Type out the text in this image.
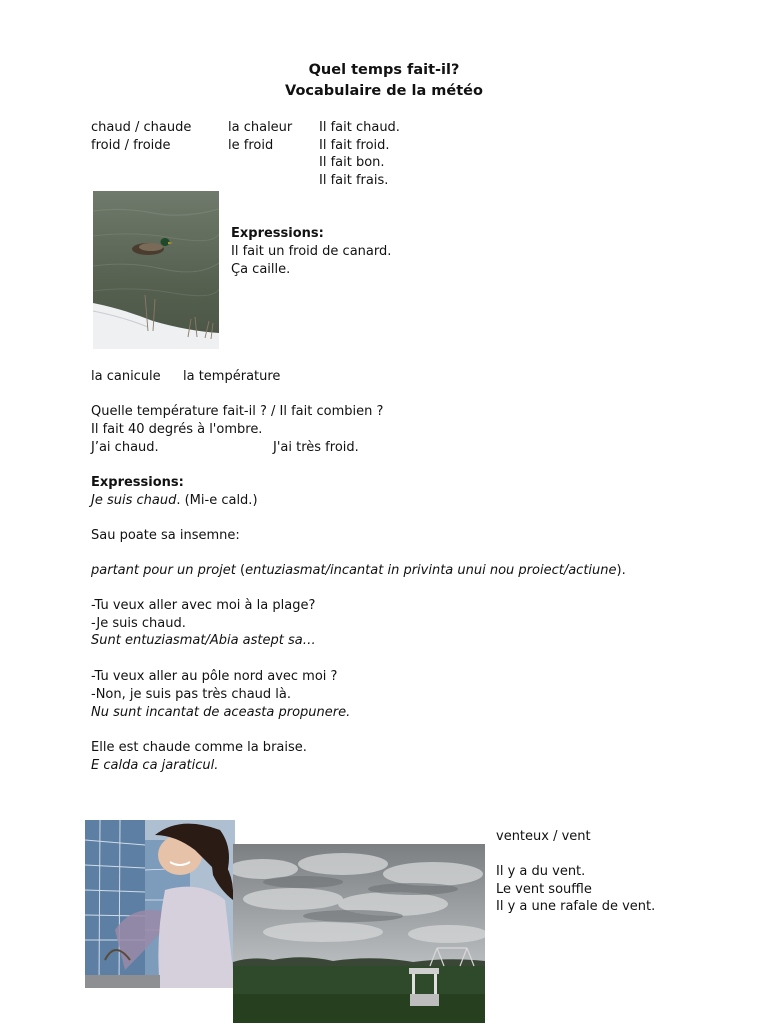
Quel temps fait-il?
Vocabulaire de la météo
chaud / chaude
froid / froide
la chaleur
le froid
Il fait chaud.
Il fait froid.
Il fait bon.
Il fait frais.
Expressions:
Il fait un froid de canard.
Ça caille.
la canicule la température
Quelle température fait-il ? / Il fait combien ?
Il fait 40 degrés à l'ombre.
J’ai chaud.	J'ai très froid.
Expressions:
Je suis chaud. (Mi-e cald.)
Sau poate sa insemne:
partant pour un projet (entuziasmat/incantat in privinta unui nou proiect/actiune).
-Tu veux aller avec moi à la plage?
-Je suis chaud.
Sunt entuziasmat/Abia astept sa…
-Tu veux aller au pôle nord avec moi ?
-Non, je suis pas très chaud là.
Nu sunt incantat de aceasta propunere.
Elle est chaude comme la braise.
E calda ca jaraticul.
venteux / vent
Il y a du vent.
Le vent souffle
Il y a une rafale de vent.
